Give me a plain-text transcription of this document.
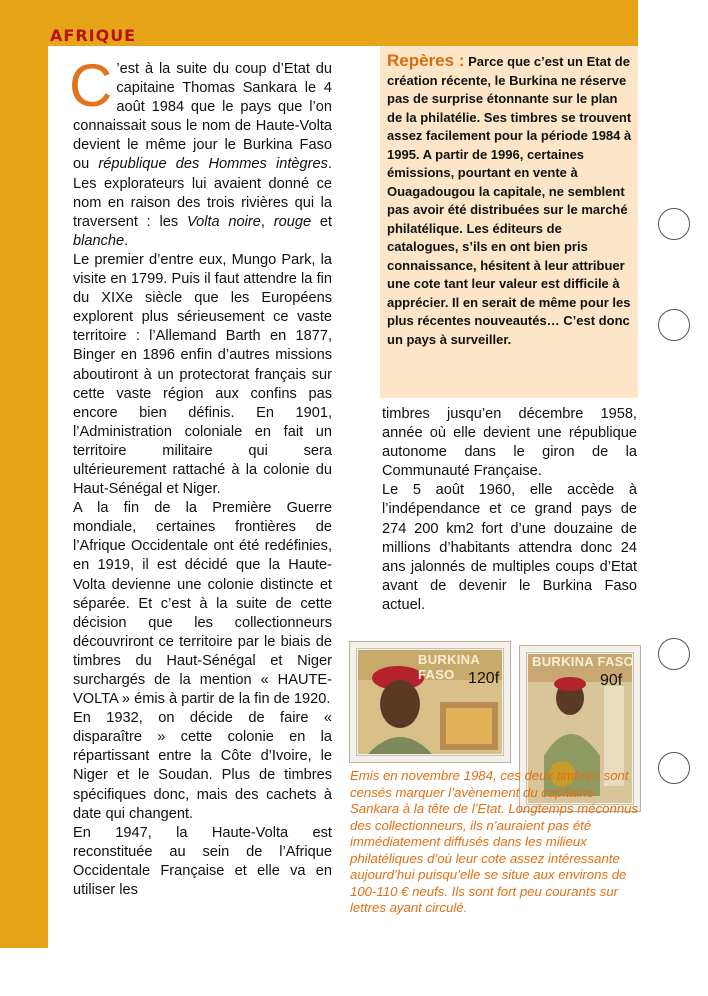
AFRIQUE

C ’est à la suite du coup d’Etat du capitaine Thomas Sankara le 4 août 1984 que le pays que l’on connaissait sous le nom de Haute-Volta devient le même jour le Burkina Faso ou république des Hommes intègres. Les explorateurs lui avaient donné ce nom en raison des trois rivières qui la traversent : les Volta noire, rouge et blanche.

Le premier d’entre eux, Mungo Park, la visite en 1799. Puis il faut attendre la fin du XIXe siècle que les Européens explorent plus sérieusement ce vaste territoire : l’Allemand Barth en 1877, Binger en 1896 enfin d’autres missions aboutiront à un protectorat français sur cette vaste région aux confins pas encore bien définis. En 1901, l’Administration coloniale en fait un territoire militaire qui sera ultérieurement rattaché à la colonie du Haut-Sénégal et Niger.

A la fin de la Première Guerre mondiale, certaines frontières de l’Afrique Occidentale ont été redéfinies, en 1919, il est décidé que la Haute-Volta devienne une colonie distincte et séparée. Et c’est à la suite de cette décision que les collectionneurs découvriront ce territoire par le biais de timbres du Haut-Sénégal et Niger surchargés de la mention « HAUTE-VOLTA » émis à partir de la fin de 1920.

En 1932, on décide de faire « disparaître » cette colonie en la répartissant entre la Côte d’Ivoire, le Niger et le Soudan. Plus de timbres spécifiques donc, mais des cachets à date qui changent.

En 1947, la Haute-Volta est reconstituée au sein de l’Afrique Occidentale Française et elle va en utiliser les

Repères : Parce que c’est un Etat de création récente, le Burkina ne réserve pas de surprise étonnante sur le plan de la philatélie. Ses timbres se trouvent assez facilement pour la période 1984 à 1995. A partir de 1996, certaines émissions, pourtant en vente à Ouagadougou la capitale, ne semblent pas avoir été distribuées sur le marché philatélique. Les éditeurs de catalogues, s’ils en ont bien pris connaissance, hésitent à leur attribuer une cote tant leur valeur est difficile à apprécier. Il en serait de même pour les plus récentes nouveautés… C’est donc un pays à surveiller.

timbres jusqu’en décembre 1958, année où elle devient une république autonome dans le giron de la Communauté Française.

Le 5 août 1960, elle accède à l’indépendance et ce grand pays de 274 200 km2 fort d’une douzaine de millions d’habitants attendra donc 24 ans jalonnés de multiples coups d’Etat avant de devenir le Burkina Faso actuel.

BURKINA FASO 120f
BURKINA FASO
90f

Emis en novembre 1984, ces deux timbres sont censés marquer l’avènement du capitaine Sankara à la tête de l’Etat. Longtemps méconnus des collectionneurs, ils n’auraient pas été immédiatement diffusés dans les milieux philatéliques d’où leur cote assez intéressante aujourd’hui puisqu’elle se situe aux environs de 100-110 € neufs. Ils sont fort peu courants sur lettres ayant circulé.
